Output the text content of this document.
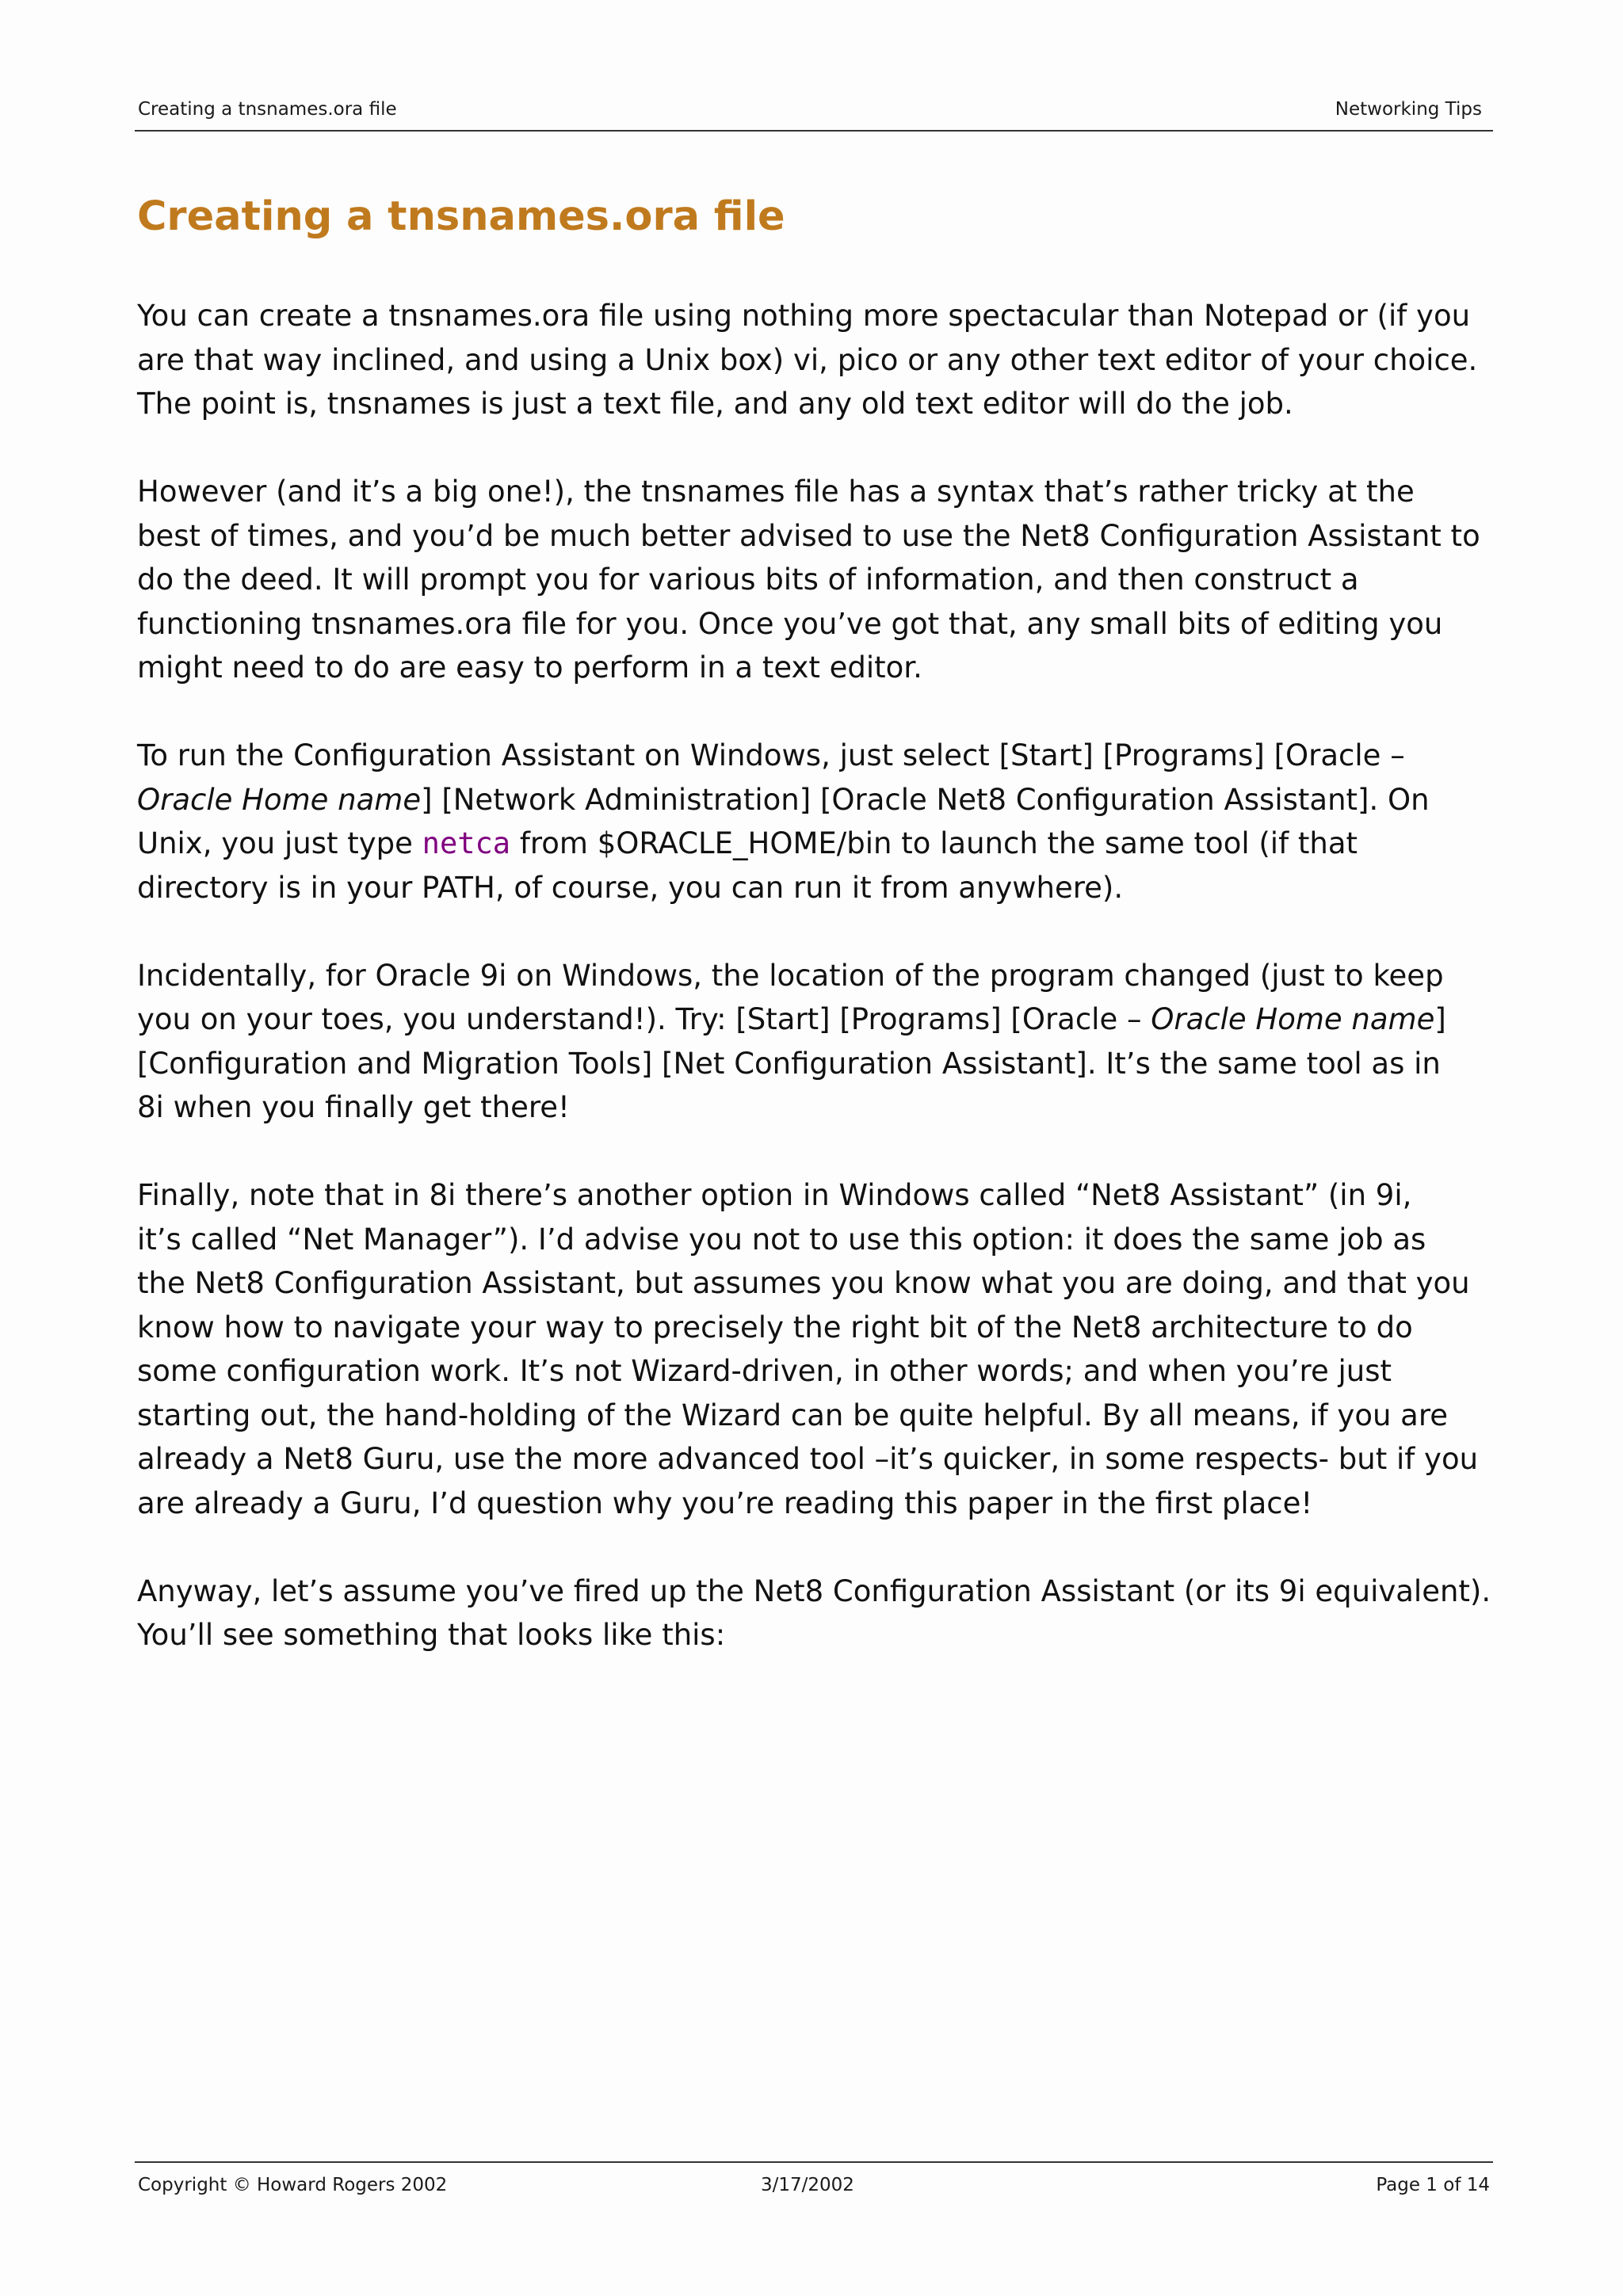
Creating a tnsnames.ora file	Networking Tips
Creating a tnsnames.ora file

You can create a tnsnames.ora file using nothing more spectacular than Notepad or (if you
are that way inclined, and using a Unix box) vi, pico or any other text editor of your choice.
The point is, tnsnames is just a text file, and any old text editor will do the job.

However (and it’s a big one!), the tnsnames file has a syntax that’s rather tricky at the
best of times, and you’d be much better advised to use the Net8 Configuration Assistant to
do the deed. It will prompt you for various bits of information, and then construct a
functioning tnsnames.ora file for you. Once you’ve got that, any small bits of editing you
might need to do are easy to perform in a text editor.

To run the Configuration Assistant on Windows, just select [Start] [Programs] [Oracle –
Oracle Home name] [Network Administration] [Oracle Net8 Configuration Assistant]. On
Unix, you just type netca from $ORACLE_HOME/bin to launch the same tool (if that
directory is in your PATH, of course, you can run it from anywhere).

Incidentally, for Oracle 9i on Windows, the location of the program changed (just to keep
you on your toes, you understand!). Try: [Start] [Programs] [Oracle – Oracle Home name]
[Configuration and Migration Tools] [Net Configuration Assistant]. It’s the same tool as in
8i when you finally get there!

Finally, note that in 8i there’s another option in Windows called “Net8 Assistant” (in 9i,
it’s called “Net Manager”). I’d advise you not to use this option: it does the same job as
the Net8 Configuration Assistant, but assumes you know what you are doing, and that you
know how to navigate your way to precisely the right bit of the Net8 architecture to do
some configuration work. It’s not Wizard-driven, in other words; and when you’re just
starting out, the hand-holding of the Wizard can be quite helpful. By all means, if you are
already a Net8 Guru, use the more advanced tool –it’s quicker, in some respects- but if you
are already a Guru, I’d question why you’re reading this paper in the first place!

Anyway, let’s assume you’ve fired up the Net8 Configuration Assistant (or its 9i equivalent).
You’ll see something that looks like this:

Copyright © Howard Rogers 2002	3/17/2002	Page 1 of 14
